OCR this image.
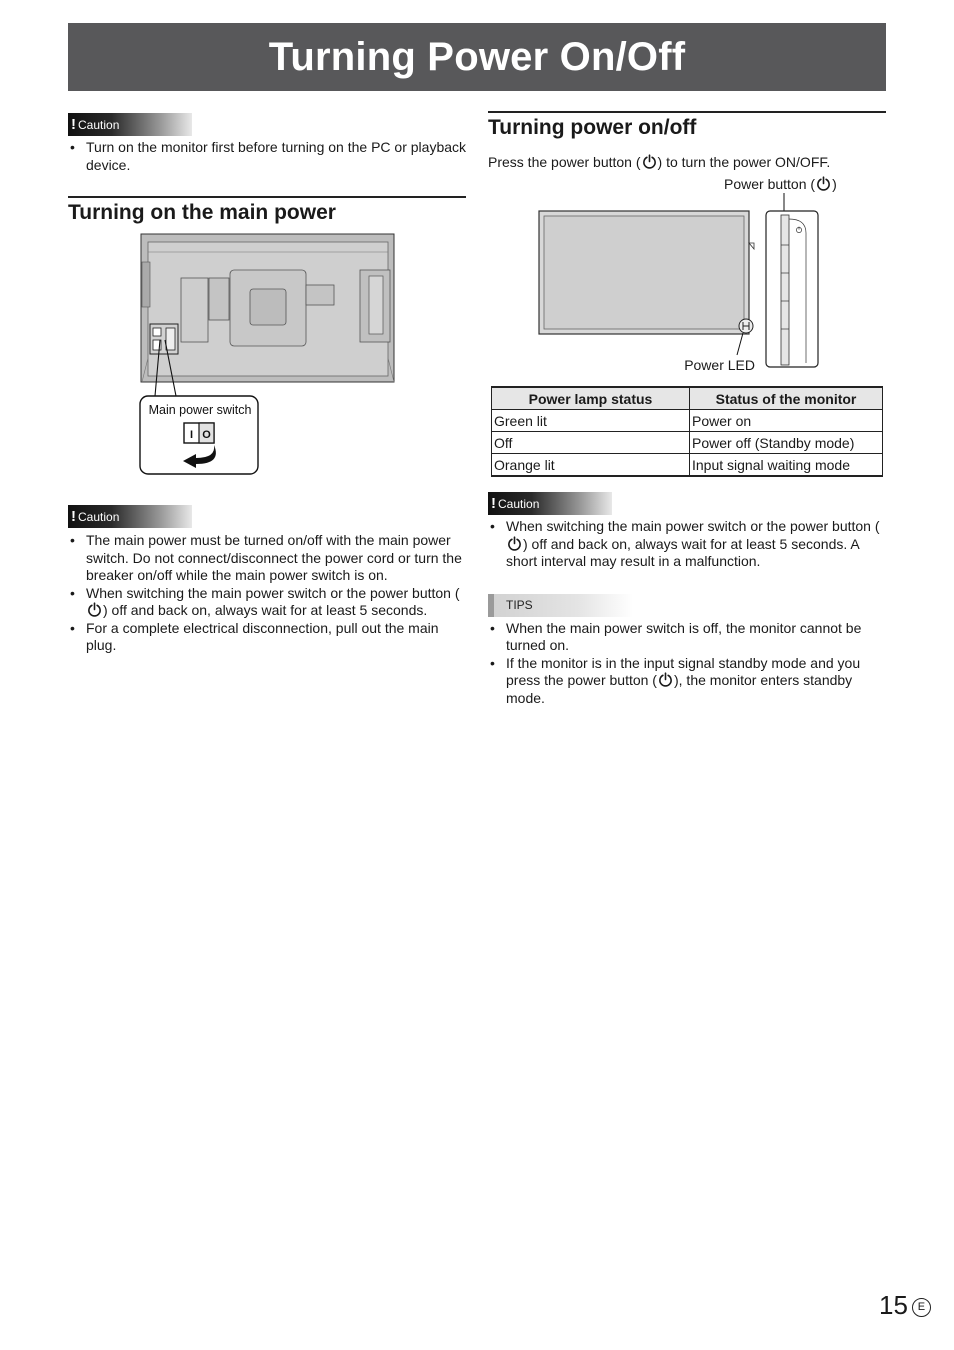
Turning Power On/Off
! Caution
• Turn on the monitor first before turning on the PC or playback device.
Turning on the main power
Main power switch
I O
! Caution
• The main power must be turned on/off with the main power switch. Do not connect/disconnect the power cord or turn the breaker on/off while the main power switch is on.
• When switching the main power switch or the power button () off and back on, always wait for at least 5 seconds.
• For a complete electrical disconnection, pull out the main plug.
Turning power on/off
Press the power button ( ) to turn the power ON/OFF.
Power button ( )
Power LED
Power lamp status	Status of the monitor
Green lit	Power on
Off	Power off (Standby mode)
Orange lit	Input signal waiting mode
! Caution
• When switching the main power switch or the power button () off and back on, always wait for at least 5 seconds. A short interval may result in a malfunction.
TIPS
• When the main power switch is off, the monitor cannot be turned on.
• If the monitor is in the input signal standby mode and you press the power button ( ), the monitor enters standby mode.
15 E
